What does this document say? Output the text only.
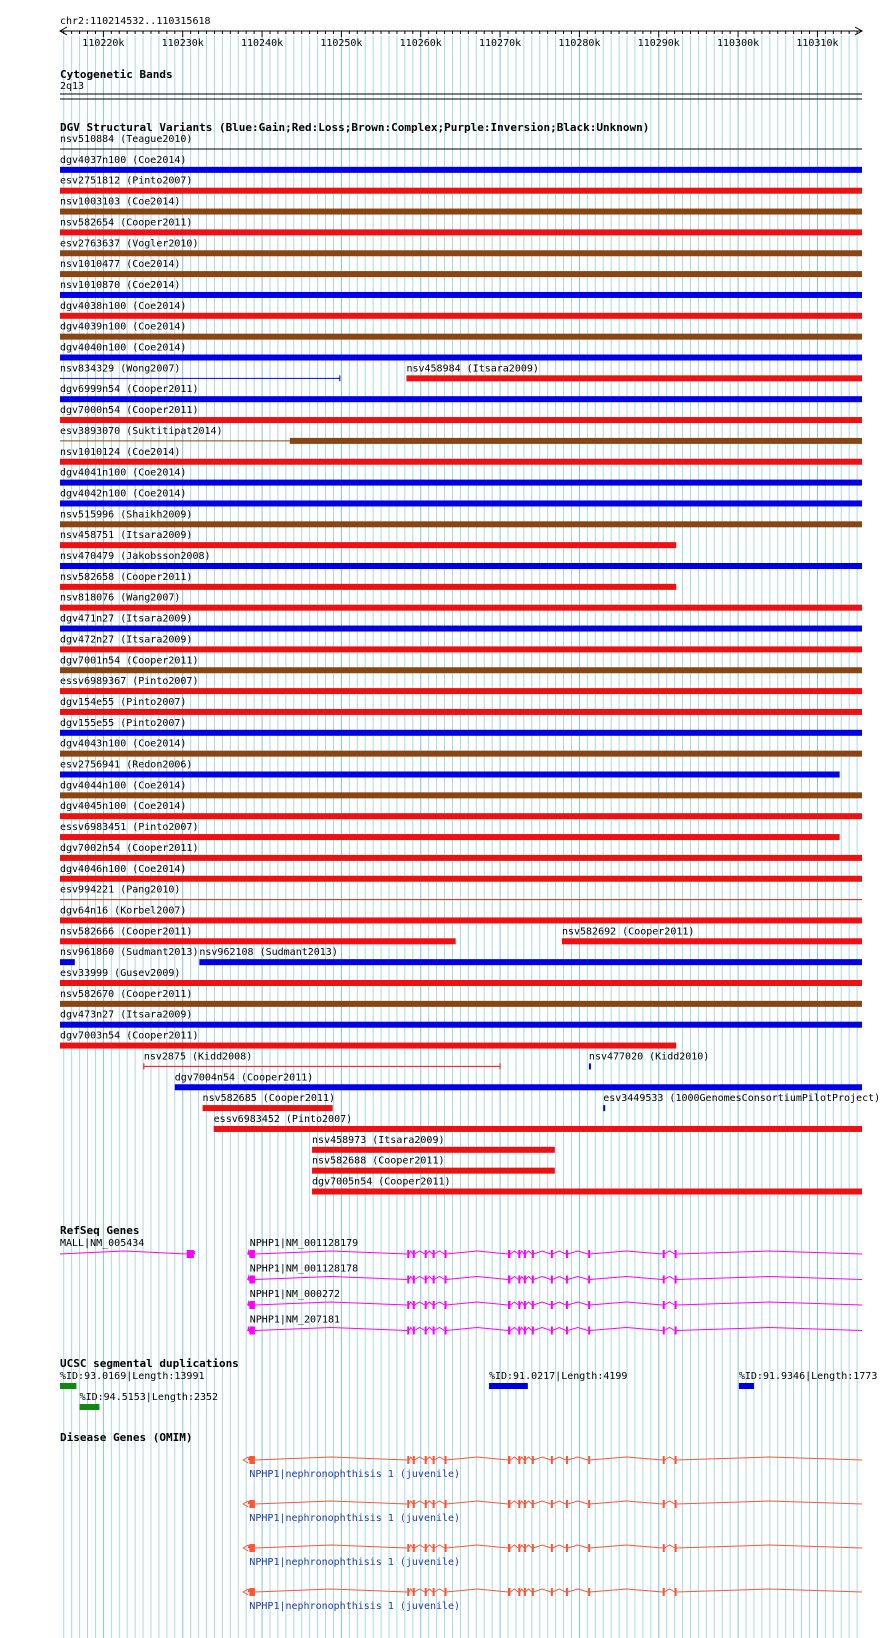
chr2:110214532..110315618
110220k	110230k	110240k	110250k	110260k	110270k	110280k	110290k	110300k	110310k
Cytogenetic Bands
2q13
DGV Structural Variants (Blue:Gain;Red:Loss;Brown:Complex;Purple:Inversion;Black:Unknown)
nsv510884 (Teague2010)
dgv4037n100 (Coe2014)
esv2751812 (Pinto2007)
nsv1003103 (Coe2014)
nsv582654 (Cooper2011)
esv2763637 (Vogler2010)
nsv1010477 (Coe2014)
nsv1010870 (Coe2014)
dgv4038n100 (Coe2014)
dgv4039n100 (Coe2014)
dgv4040n100 (Coe2014)
nsv834329 (Wong2007)	nsv458984 (Itsara2009)
dgv6999n54 (Cooper2011)
dgv7000n54 (Cooper2011)
esv3893070 (Suktitipat2014)
nsv1010124 (Coe2014)
dgv4041n100 (Coe2014)
dgv4042n100 (Coe2014)
nsv515996 (Shaikh2009)
nsv458751 (Itsara2009)
nsv470479 (Jakobsson2008)
nsv582658 (Cooper2011)
nsv818076 (Wang2007)
dgv471n27 (Itsara2009)
dgv472n27 (Itsara2009)
dgv7001n54 (Cooper2011)
essv6989367 (Pinto2007)
dgv154e55 (Pinto2007)
dgv155e55 (Pinto2007)
dgv4043n100 (Coe2014)
esv2756941 (Redon2006)
dgv4044n100 (Coe2014)
dgv4045n100 (Coe2014)
essv6983451 (Pinto2007)
dgv7002n54 (Cooper2011)
dgv4046n100 (Coe2014)
esv994221 (Pang2010)
dgv64n16 (Korbel2007)
nsv582666 (Cooper2011)	nsv582692 (Cooper2011)
nsv961860 (Sudmant2013) nsv962108 (Sudmant2013)
esv33999 (Gusev2009)
nsv582670 (Cooper2011)
dgv473n27 (Itsara2009)
dgv7003n54 (Cooper2011)
nsv2875 (Kidd2008)	nsv477020 (Kidd2010)
dgv7004n54 (Cooper2011)
nsv582685 (Cooper2011)	esv3449533 (1000GenomesConsortiumPilotProject)
essv6983452 (Pinto2007)
nsv458973 (Itsara2009)
nsv582688 (Cooper2011)
dgv7005n54 (Cooper2011)
RefSeq Genes
MALL|NM_005434	NPHP1|NM_001128179
NPHP1|NM_001128178
NPHP1|NM_000272
NPHP1|NM_207181
UCSC segmental duplications
%ID:93.0169|Length:13991	%ID:91.0217|Length:4199	%ID:91.9346|Length:1773
%ID:94.5153|Length:2352
Disease Genes (OMIM)
NPHP1|nephronophthisis 1 (juvenile)
NPHP1|nephronophthisis 1 (juvenile)
NPHP1|nephronophthisis 1 (juvenile)
NPHP1|nephronophthisis 1 (juvenile)
